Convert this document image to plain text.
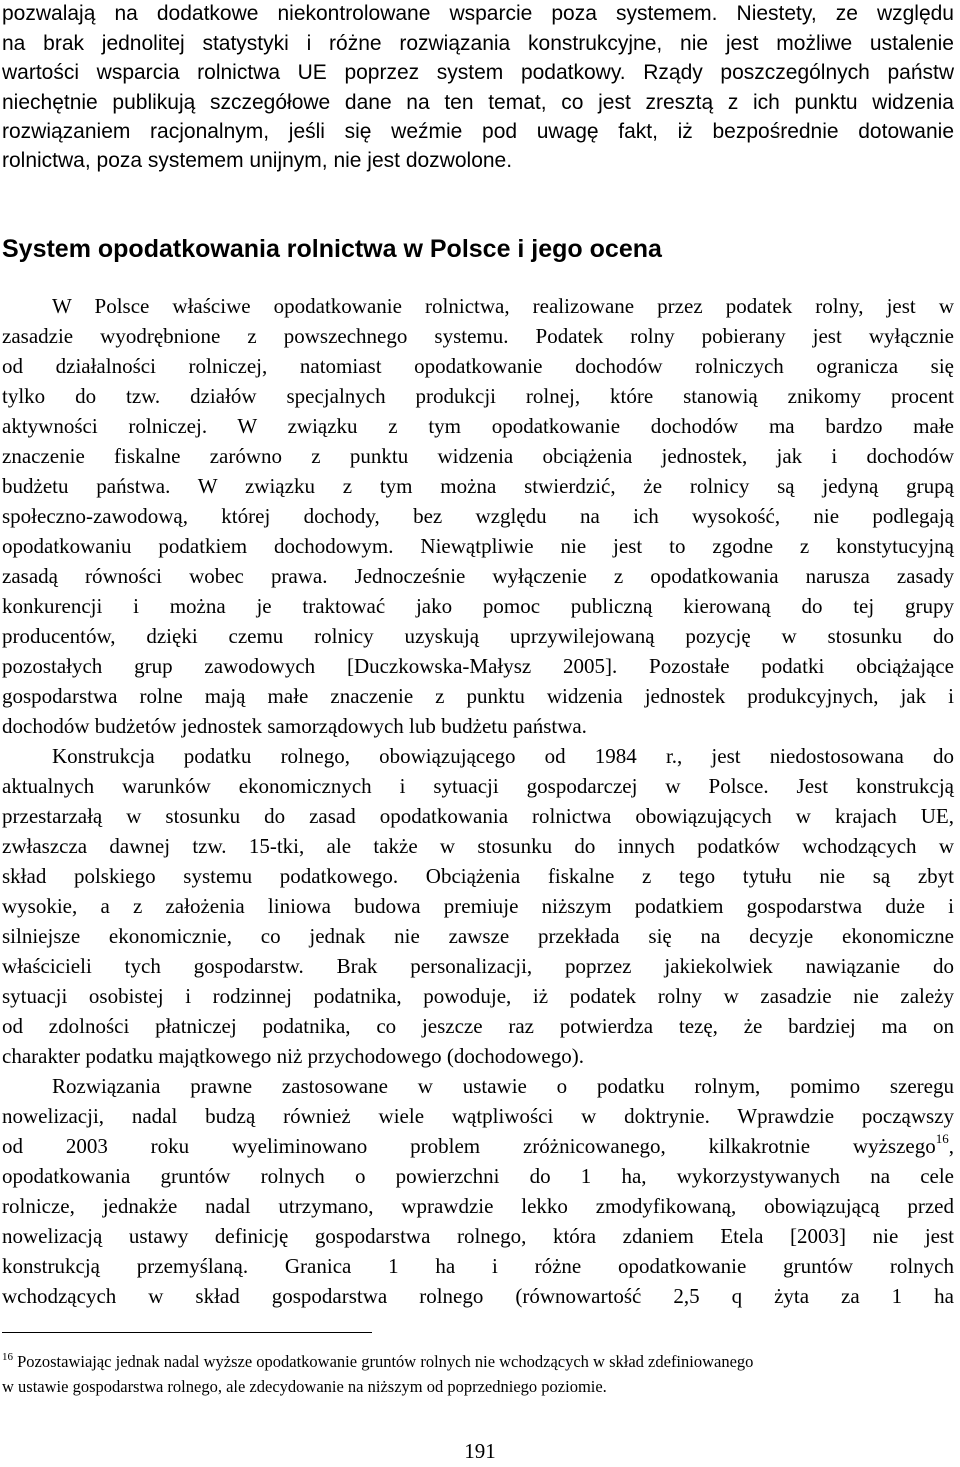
pozwalają na dodatkowe niekontrolowane wsparcie poza systemem. Niestety, ze względu
na brak jednolitej statystyki i różne rozwiązania konstrukcyjne, nie jest możliwe ustalenie
wartości wsparcia rolnictwa UE poprzez system podatkowy. Rządy poszczególnych państw
niechętnie publikują szczegółowe dane na ten temat, co jest zresztą z ich punktu widzenia
rozwiązaniem racjonalnym, jeśli się weźmie pod uwagę fakt, iż bezpośrednie dotowanie
rolnictwa, poza systemem unijnym, nie jest dozwolone.
System opodatkowania rolnictwa w Polsce i jego ocena
W Polsce właściwe opodatkowanie rolnictwa, realizowane przez podatek rolny, jest w
zasadzie wyodrębnione z powszechnego systemu. Podatek rolny pobierany jest wyłącznie
od działalności rolniczej, natomiast opodatkowanie dochodów rolniczych ogranicza się
tylko do tzw. działów specjalnych produkcji rolnej, które stanowią znikomy procent
aktywności rolniczej. W związku z tym opodatkowanie dochodów ma bardzo małe
znaczenie fiskalne zarówno z punktu widzenia obciążenia jednostek, jak i dochodów
budżetu państwa. W związku z tym można stwierdzić, że rolnicy są jedyną grupą
społeczno-zawodową, której dochody, bez względu na ich wysokość, nie podlegają
opodatkowaniu podatkiem dochodowym. Niewątpliwie nie jest to zgodne z konstytucyjną
zasadą równości wobec prawa. Jednocześnie wyłączenie z opodatkowania narusza zasady
konkurencji i można je traktować jako pomoc publiczną kierowaną do tej grupy
producentów, dzięki czemu rolnicy uzyskują uprzywilejowaną pozycję w stosunku do
pozostałych grup zawodowych [Duczkowska-Małysz 2005]. Pozostałe podatki obciążające
gospodarstwa rolne mają małe znaczenie z punktu widzenia jednostek produkcyjnych, jak i
dochodów budżetów jednostek samorządowych lub budżetu państwa.
Konstrukcja podatku rolnego, obowiązującego od 1984 r., jest niedostosowana do
aktualnych warunków ekonomicznych i sytuacji gospodarczej w Polsce. Jest konstrukcją
przestarzałą w stosunku do zasad opodatkowania rolnictwa obowiązujących w krajach UE,
zwłaszcza dawnej tzw. 15-tki, ale także w stosunku do innych podatków wchodzących w
skład polskiego systemu podatkowego. Obciążenia fiskalne z tego tytułu nie są zbyt
wysokie, a z założenia liniowa budowa premiuje niższym podatkiem gospodarstwa duże i
silniejsze ekonomicznie, co jednak nie zawsze przekłada się na decyzje ekonomiczne
właścicieli tych gospodarstw. Brak personalizacji, poprzez jakiekolwiek nawiązanie do
sytuacji osobistej i rodzinnej podatnika, powoduje, iż podatek rolny w zasadzie nie zależy
od zdolności płatniczej podatnika, co jeszcze raz potwierdza tezę, że bardziej ma on
charakter podatku majątkowego niż przychodowego (dochodowego).
Rozwiązania prawne zastosowane w ustawie o podatku rolnym, pomimo szeregu
nowelizacji, nadal budzą również wiele wątpliwości w doktrynie. Wprawdzie począwszy
od 2003 roku wyeliminowano problem zróżnicowanego, kilkakrotnie wyższego$^{16}$,
opodatkowania gruntów rolnych o powierzchni do 1 ha, wykorzystywanych na cele
rolnicze, jednakże nadal utrzymano, wprawdzie lekko zmodyfikowaną, obowiązującą przed
nowelizacją ustawy definicję gospodarstwa rolnego, która zdaniem Etela [2003] nie jest
konstrukcją przemyślaną. Granica 1 ha i różne opodatkowanie gruntów rolnych
wchodzących w skład gospodarstwa rolnego (równowartość 2,5 q żyta za 1 ha
$^{16}$ Pozostawiając jednak nadal wyższe opodatkowanie gruntów rolnych nie wchodzących w skład zdefiniowanego
w ustawie gospodarstwa rolnego, ale zdecydowanie na niższym od poprzedniego poziomie.
191
